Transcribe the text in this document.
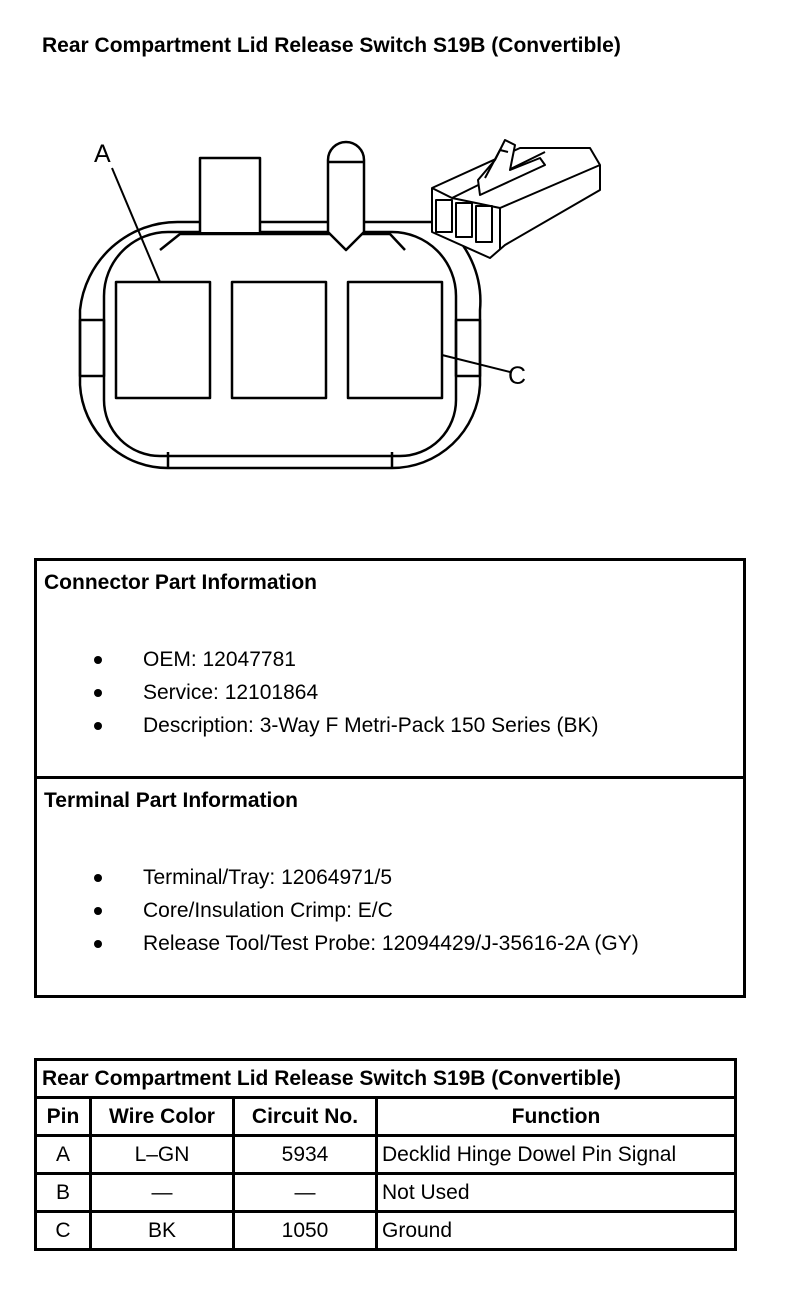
Rear Compartment Lid Release Switch S19B (Convertible)
A
C
Connector Part Information
OEM: 12047781
Service: 12101864
Description: 3-Way F Metri-Pack 150 Series (BK)
Terminal Part Information
Terminal/Tray: 12064971/5
Core/Insulation Crimp: E/C
Release Tool/Test Probe: 12094429/J-35616-2A (GY)
Rear Compartment Lid Release Switch S19B (Convertible)			
Pin	Wire Color	Circuit No.	Function
A	L–GN	5934	Decklid Hinge Dowel Pin Signal
B	—	—	Not Used
C	BK	1050	Ground
